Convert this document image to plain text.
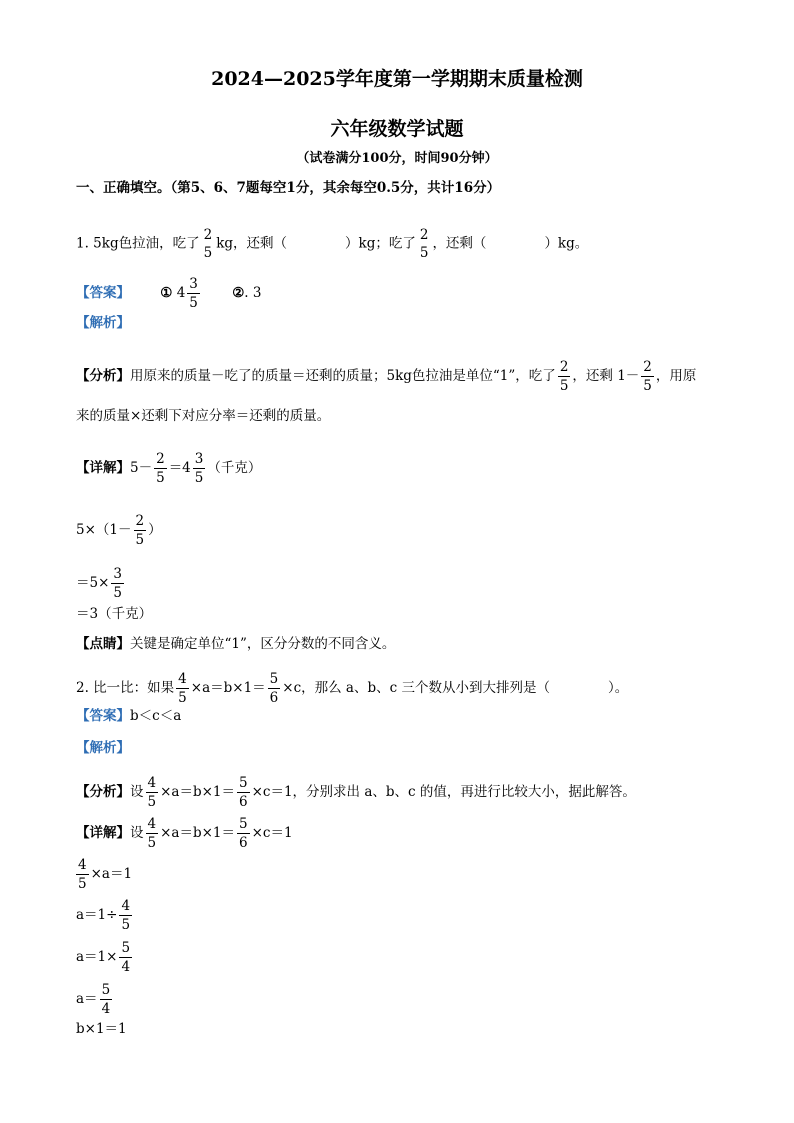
2024—2025学年度第一学期期末质量检测
六年级数学试题
（试卷满分100分，时间90分钟）
一、正确填空。（第5、6、7题每空1分，其余每空0.5分，共计16分）
1. 5kg色拉油，吃了
2
5
kg，还剩（	）kg；吃了
2
5
，还剩（	）kg。
【答案】 ① $4 \frac{3}{5}$ ②. 3
【解析】
【分析】用原来的质量－吃了的质量＝还剩的质量；5kg色拉油是单位“1”，吃了 $\frac{2}{5}$ ，还剩 $1- \frac{2}{5}$ ，用原
来的质量×还剩下对应分率＝还剩的质量。
【详解】$5- \frac{2}{5} =4 \frac{3}{5}$ （千克）
$5\times(1- \frac{2}{5}$ ）
$=5\times \frac{3}{5}$
＝3（千克）
【点睛】关键是确定单位“1”，区分分数的不同含义。
2. 比一比：如果 $\frac{4}{5} \times a=b\times 1= \frac{5}{6} \times c$，那么 a、b、c 三个数从小到大排列是（	）。
【答案】b＜c＜a
【解析】
【分析】设 $\frac{4}{5} \times a=b\times 1= \frac{5}{6} \times c=1$，分别求出 a、b、c 的值，再进行比较大小，据此解答。
【详解】设 $\frac{4}{5} \times a=b\times 1= \frac{5}{6} \times c=1$
$\frac{4}{5} \times a=1$
$a=1\div \frac{4}{5}$
$a=1\times \frac{5}{4}$
$a= \frac{5}{4}$
b×1＝1
